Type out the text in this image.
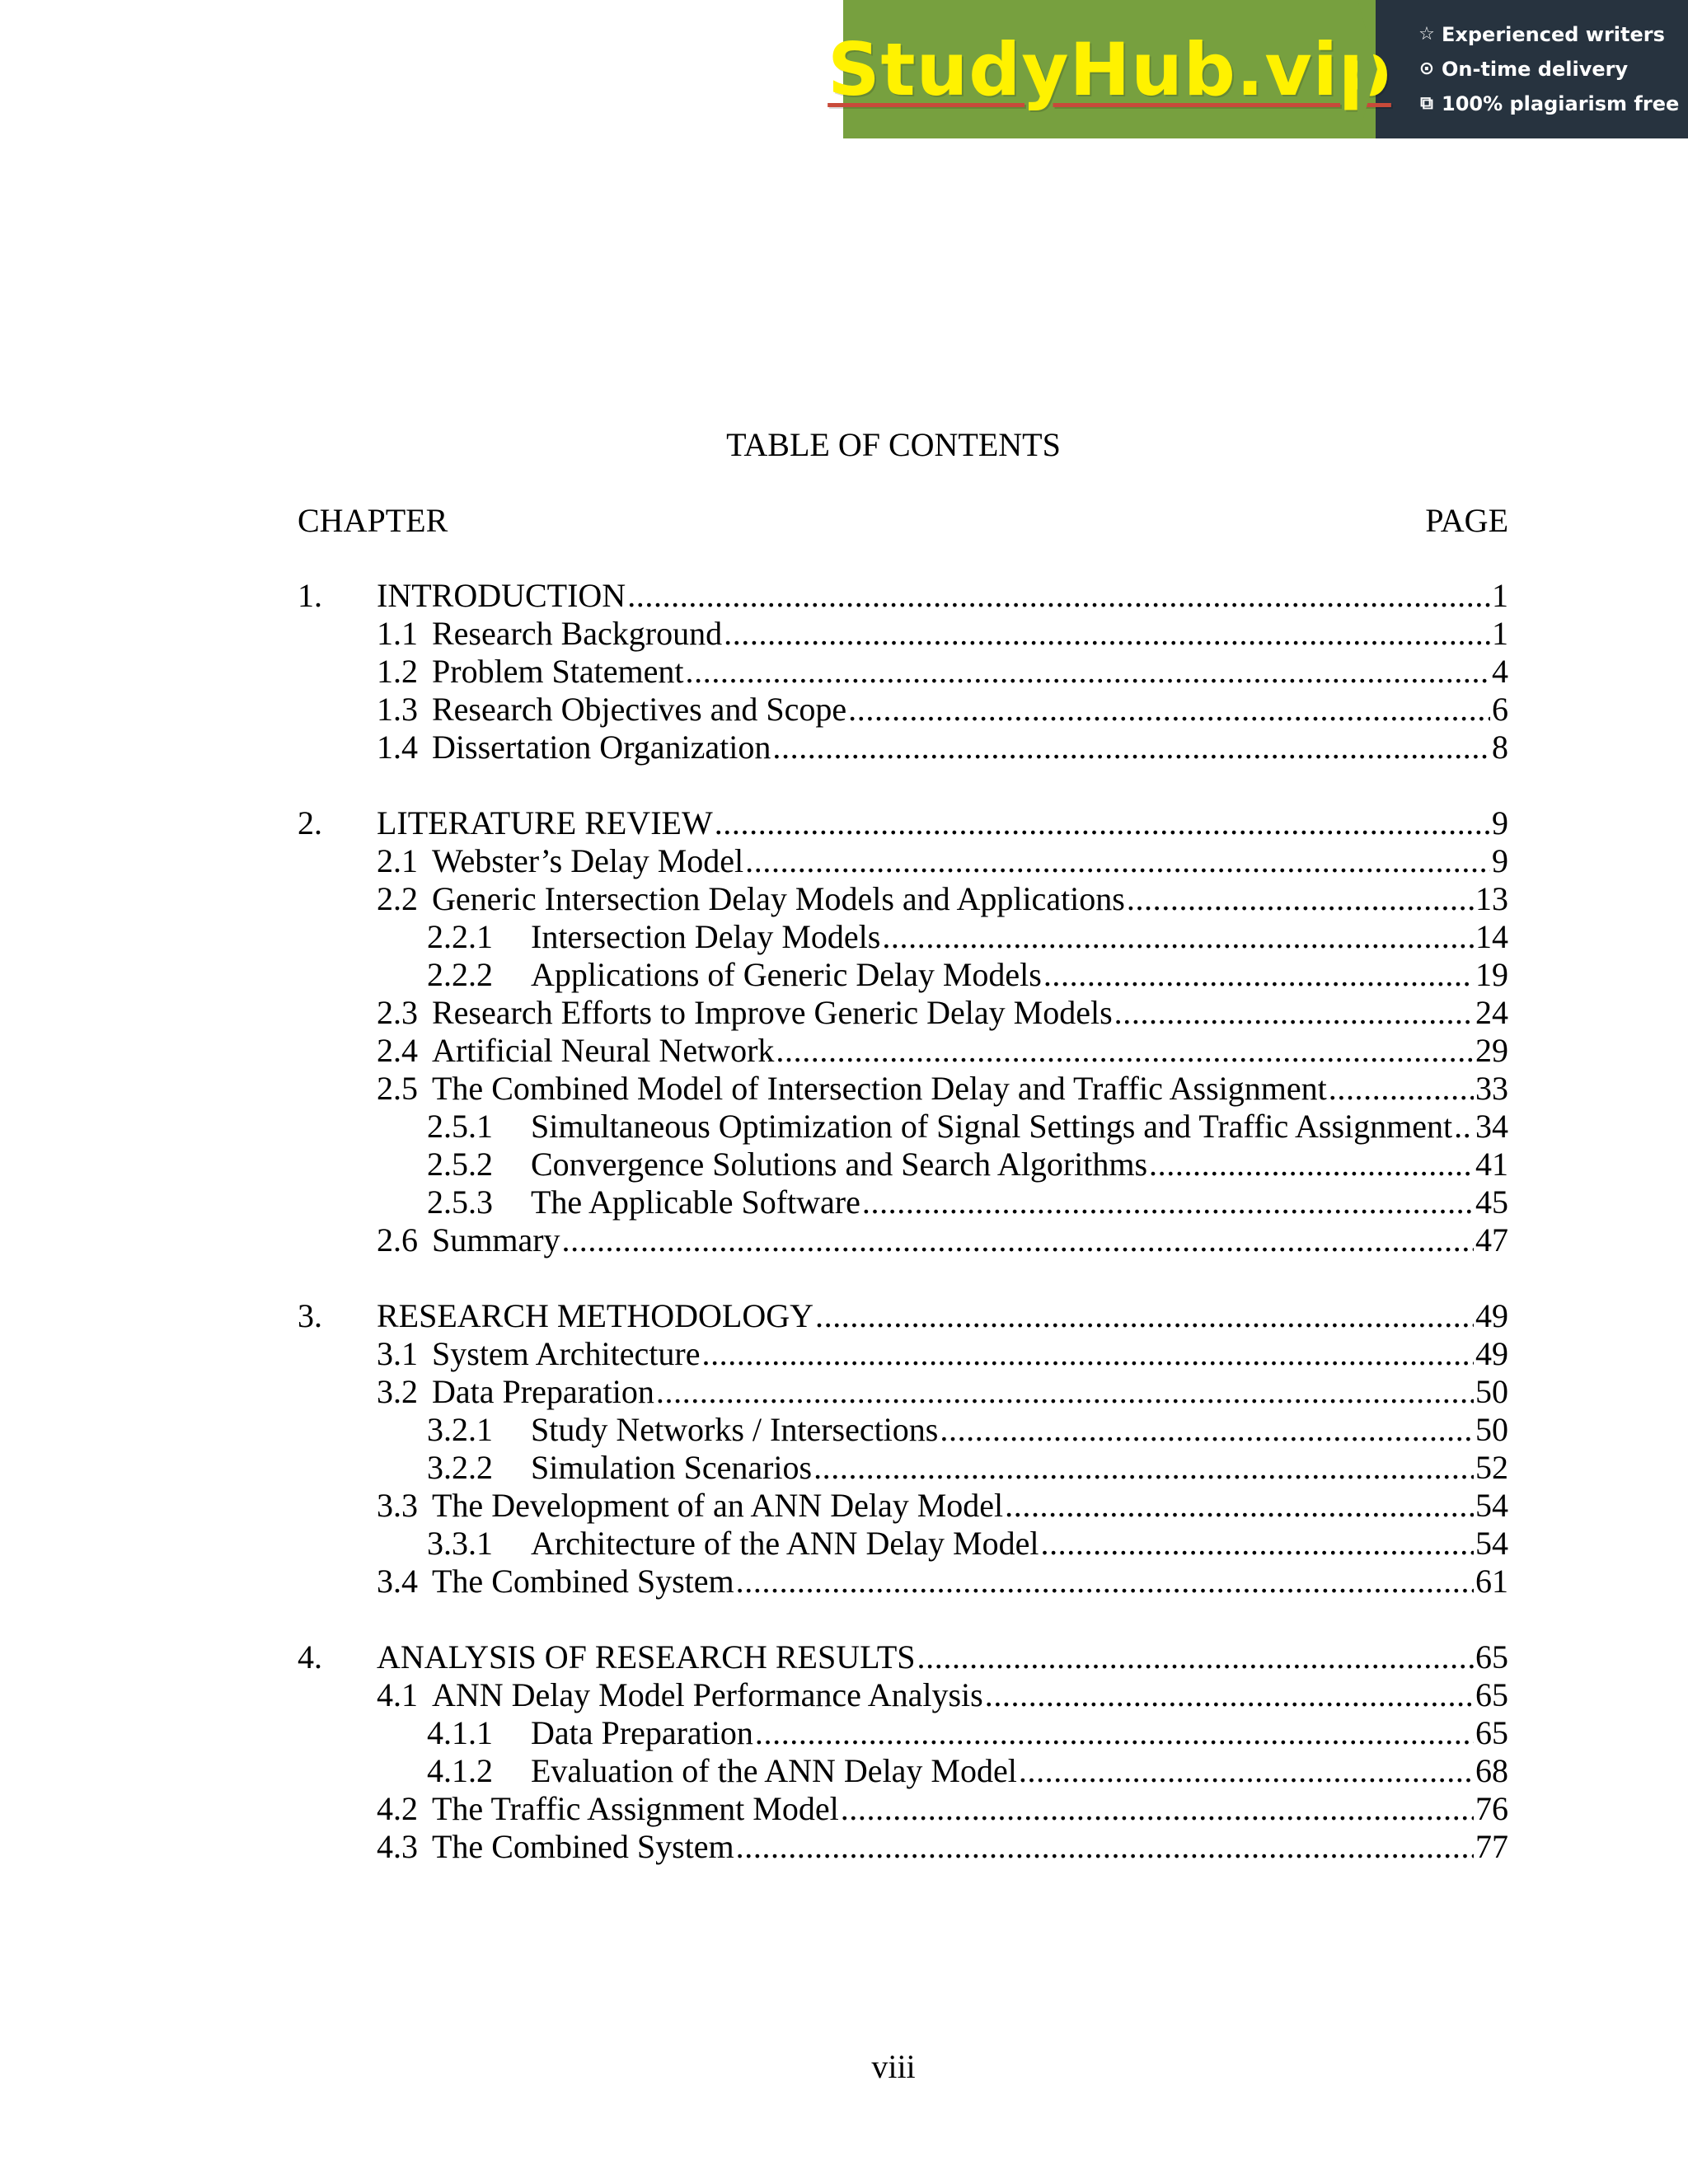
StudyHub.vip ☆ Experienced writers
⊙ On-time delivery
⧉ 100% plagiarism free
TABLE OF CONTENTS
CHAPTER	PAGE
1.	INTRODUCTION .....	1
1.1 Research Background .....	1
1.2 Problem Statement .....	4
1.3 Research Objectives and Scope .....	6
1.4 Dissertation Organization .....	8
2.	LITERATURE REVIEW .....	9
2.1 Webster’s Delay Model .....	9
2.2 Generic Intersection Delay Models and Applications .....	13
2.2.1	Intersection Delay Models .....	14
2.2.2	Applications of Generic Delay Models .....	19
2.3 Research Efforts to Improve Generic Delay Models .....	24
2.4 Artificial Neural Network .....	29
2.5 The Combined Model of Intersection Delay and Traffic Assignment .....	33
2.5.1	Simultaneous Optimization of Signal Settings and Traffic Assignment ..... 34
2.5.2	Convergence Solutions and Search Algorithms .....	41
2.5.3	The Applicable Software .....	45
2.6 Summary .....	47
3.	RESEARCH METHODOLOGY .....	49
3.1 System Architecture .....	49
3.2 Data Preparation .....	50
3.2.1	Study Networks / Intersections .....	50
3.2.2	Simulation Scenarios .....	52
3.3 The Development of an ANN Delay Model .....	54
3.3.1	Architecture of the ANN Delay Model .....	54
3.4 The Combined System .....	61
4.	ANALYSIS OF RESEARCH RESULTS .....	65
4.1 ANN Delay Model Performance Analysis .....	65
4.1.1	Data Preparation .....	65
4.1.2	Evaluation of the ANN Delay Model .....	68
4.2 The Traffic Assignment Model .....	76
4.3 The Combined System .....	77
viii
